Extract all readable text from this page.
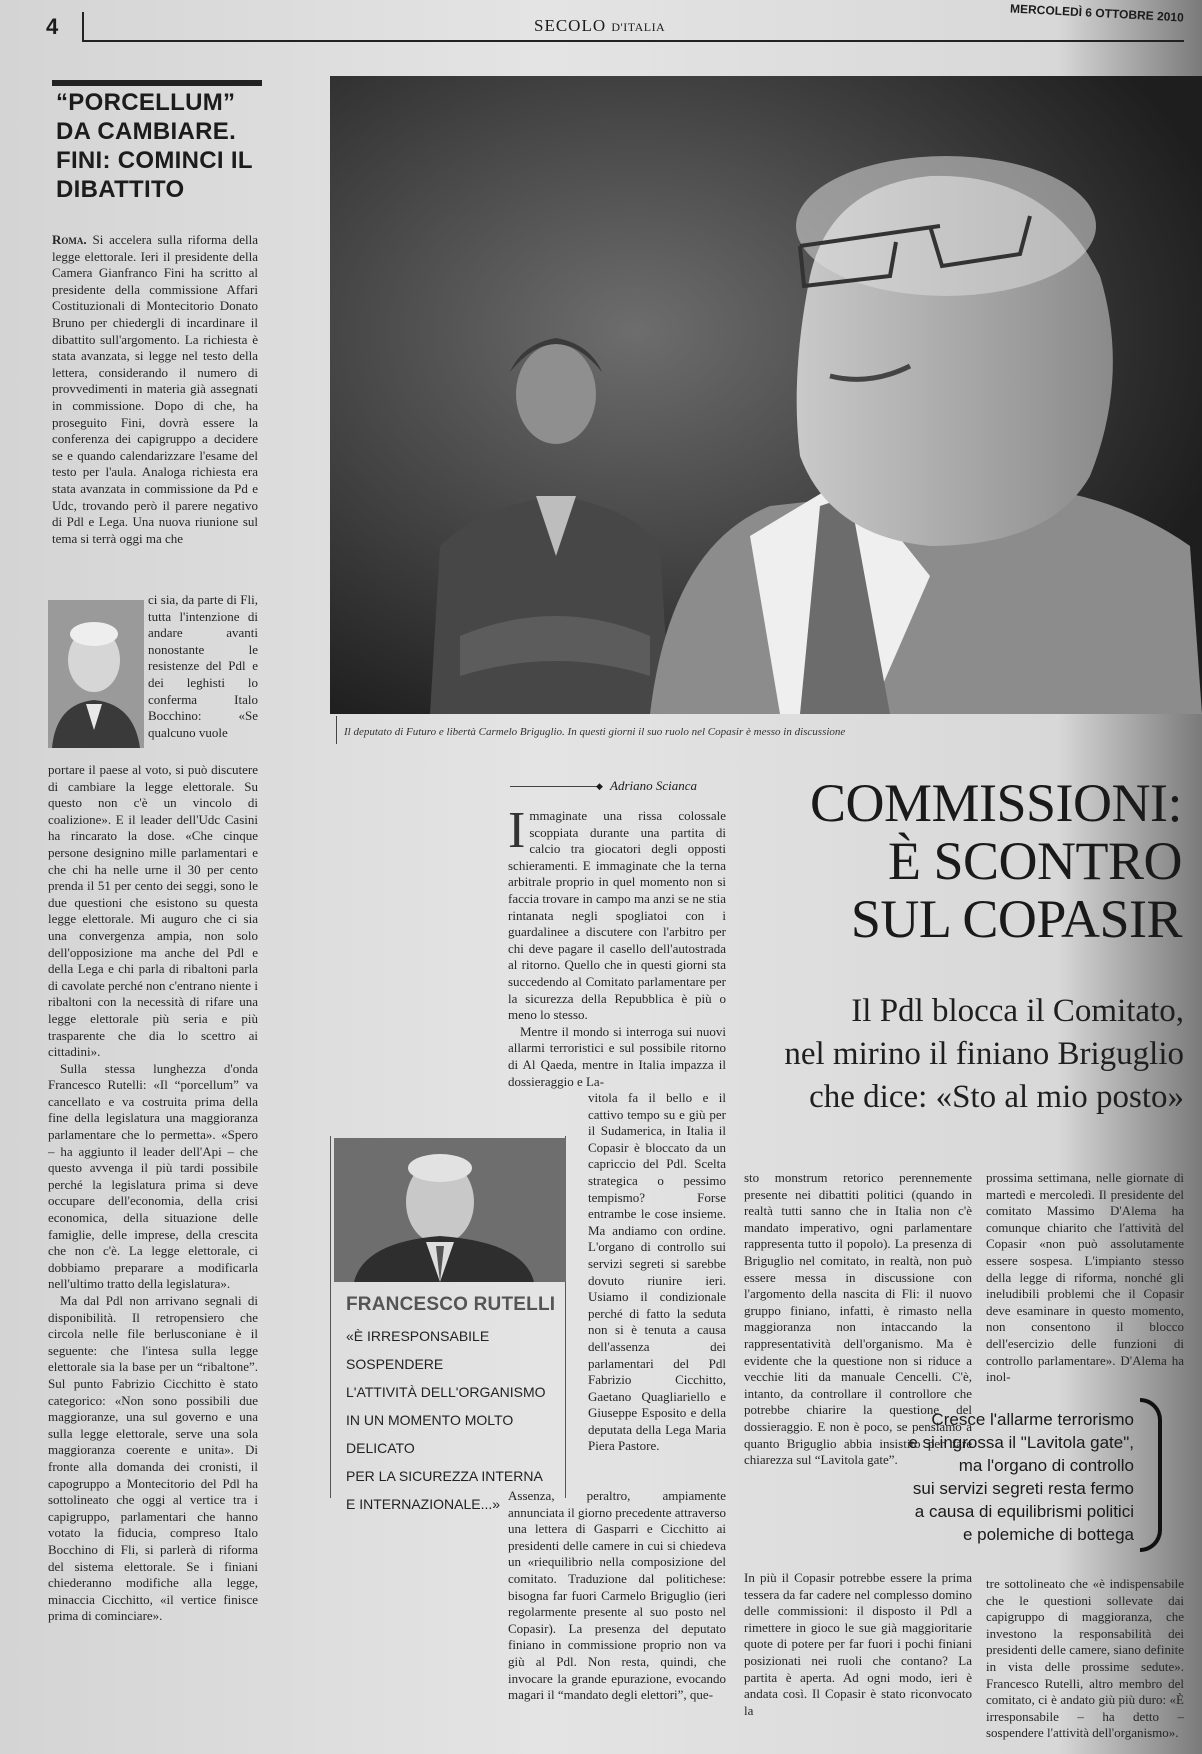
4	SECOLO D'ITALIA
MERCOLEDÌ 6 OTTOBRE 2010
“PORCELLUM” DA CAMBIARE. FINI: COMINCI IL DIBATTITO
Roma. Si accelera sulla riforma della legge elettorale. Ieri il presidente della Camera Gianfranco Fini ha scritto al presidente della commissione Affari Costituzionali di Montecitorio Donato Bruno per chiedergli di incardinare il dibattito sull'argomento. La richiesta è stata avanzata, si legge nel testo della lettera, considerando il numero di provvedimenti in materia già assegnati in commissione. Dopo di che, ha proseguito Fini, dovrà essere la conferenza dei capigruppo a decidere se e quando calendarizzare l'esame del testo per l'aula. Analoga richiesta era stata avanzata in commissione da Pd e Udc, trovando però il parere negativo di Pdl e Lega. Una nuova riunione sul tema si terrà oggi ma che
ci sia, da parte di Fli, tutta l'intenzione di andare avanti nonostante le resistenze del Pdl e dei leghisti lo conferma Italo Bocchino: «Se qualcuno vuole

portare il paese al voto, si può discutere di cambiare la legge elettorale. Su questo non c'è un vincolo di coalizione». E il leader dell'Udc Casini ha rincarato la dose. «Che cinque persone designino mille parlamentari e che chi ha nelle urne il 30 per cento prenda il 51 per cento dei seggi, sono le due questioni che esistono su questa legge elettorale. Mi auguro che ci sia una convergenza ampia, non solo dell'opposizione ma anche del Pdl e della Lega e chi parla di ribaltoni parla di cavolate perché non c'entrano niente i ribaltoni con la necessità di rifare una legge elettorale più seria e più trasparente che dia lo scettro ai cittadini».

Sulla stessa lunghezza d'onda Francesco Rutelli: «Il “porcellum” va cancellato e va costruita prima della fine della legislatura una maggioranza parlamentare che lo permetta». «Spero – ha aggiunto il leader dell'Api – che questo avvenga il più tardi possibile perché la legislatura prima si deve occupare dell'economia, della crisi economica, della situazione delle famiglie, delle imprese, della crescita che non c'è. La legge elettorale, ci dobbiamo preparare a modificarla nell'ultimo tratto della legislatura».

Ma dal Pdl non arrivano segnali di disponibilità. Il retropensiero che circola nelle file berlusconiane è il seguente: che l'intesa sulla legge elettorale sia la base per un “ribaltone”. Sul punto Fabrizio Cicchitto è stato categorico: «Non sono possibili due maggioranze, una sul governo e una sulla legge elettorale, serve una sola maggioranza coerente e unita». Di fronte alla domanda dei cronisti, il capogruppo a Montecitorio del Pdl ha sottolineato che oggi al vertice tra i capigruppo, parlamentari che hanno votato la fiducia, compreso Italo Bocchino di Fli, si parlerà di riforma del sistema elettorale. Se i finiani chiederanno modifiche alla legge, minaccia Cicchitto, «il vertice finisce prima di cominciare».

Il deputato di Futuro e libertà Carmelo Briguglio. In questi giorni il suo ruolo nel Copasir è messo in discussione
◆ Adriano Scianca	COMMISSIONI:
È SCONTRO
SUL COPASIR
Il Pdl blocca il Comitato,
nel mirino il finiano Briguglio
che dice: «Sto al mio posto»

Immaginate una rissa colossale scoppiata durante una partita di calcio tra giocatori degli opposti schieramenti. E immaginate che la terna arbitrale proprio in quel momento non si faccia trovare in campo ma anzi se ne stia rintanata negli spogliatoi con i guardalinee a discutere con l'arbitro per chi deve pagare il casello dell'autostrada al ritorno. Quello che in questi giorni sta succedendo al Comitato parlamentare per la sicurezza della Repubblica è più o meno lo stesso.

Mentre il mondo si interroga sui nuovi allarmi terroristici e sul possibile ritorno di Al Qaeda, mentre in Italia impazza il dossieraggio e La-

vitola fa il bello e il cattivo tempo su e giù per il Sudamerica, in Italia il Copasir è bloccato da un capriccio del Pdl. Scelta strategica o pessimo tempismo? Forse entrambe le cose insieme. Ma andiamo con ordine. L'organo di controllo sui servizi segreti si sarebbe dovuto riunire ieri. Usiamo il condizionale perché di fatto la seduta non si è tenuta a causa dell'assenza dei parlamentari del Pdl Fabrizio Cicchitto, Gaetano Quagliariello e Giuseppe Esposito e della deputata della Lega Maria Piera Pastore.
Assenza, peraltro, ampiamente annunciata il giorno precedente attraverso una lettera di Gasparri e Cicchitto ai presidenti delle camere in cui si chiedeva un «riequilibrio nella composizione del comitato. Traduzione dal politichese: bisogna far fuori Carmelo Briguglio (ieri regolarmente presente al suo posto nel Copasir). La presenza del deputato finiano in commissione proprio non va giù al Pdl. Non resta, quindi, che invocare la grande epurazione, evocando magari il “mandato degli elettori”, que-
FRANCESCO RUTELLI
«È IRRESPONSABILE SOSPENDERE
L'ATTIVITÀ DELL'ORGANISMO
IN UN MOMENTO MOLTO DELICATO
PER LA SICUREZZA INTERNA
E INTERNAZIONALE...»
sto monstrum retorico perennemente presente nei dibattiti politici (quando in realtà tutti sanno che in Italia non c'è mandato imperativo, ogni parlamentare rappresenta tutto il popolo). La presenza di Briguglio nel comitato, in realtà, non può essere messa in discussione con l'argomento della nascita di Fli: il nuovo gruppo finiano, infatti, è rimasto nella maggioranza non intaccando la rappresentatività dell'organismo. Ma è evidente che la questione non si riduce a vecchie liti da manuale Cencelli. C'è, intanto, da controllare il controllore che potrebbe chiarire la questione del dossieraggio. E non è poco, se pensiamo a quanto Briguglio abbia insistito per fare chiarezza sul “Lavitola gate”.
prossima settimana, nelle giornate di martedì e mercoledì. Il presidente del comitato Massimo D'Alema ha comunque chiarito che l'attività del Copasir «non può assolutamente essere sospesa. L'impianto stesso della legge di riforma, nonché gli ineludibili problemi che il Copasir deve esaminare in questo momento, non consentono il blocco dell'esercizio delle funzioni di controllo parlamentare». D'Alema ha inol-
Cresce l'allarme terrorismo
e si ingrossa il "Lavitola gate",
ma l'organo di controllo
sui servizi segreti resta fermo
a causa di equilibrismi politici
e polemiche di bottega
In più il Copasir potrebbe essere la prima tessera da far cadere nel complesso domino delle commissioni: il disposto il Pdl a rimettere in gioco le sue già maggioritarie quote di potere per far fuori i pochi finiani posizionati nei ruoli che contano? La partita è aperta. Ad ogni modo, ieri è andata così. Il Copasir è stato riconvocato la
tre sottolineato che «è indispensabile che le questioni sollevate dai capigruppo di maggioranza, che investono la responsabilità dei presidenti delle camere, siano definite in vista delle prossime sedute». Francesco Rutelli, altro membro del comitato, ci è andato giù più duro: «È irresponsabile – ha detto – sospendere l'attività dell'organismo».
